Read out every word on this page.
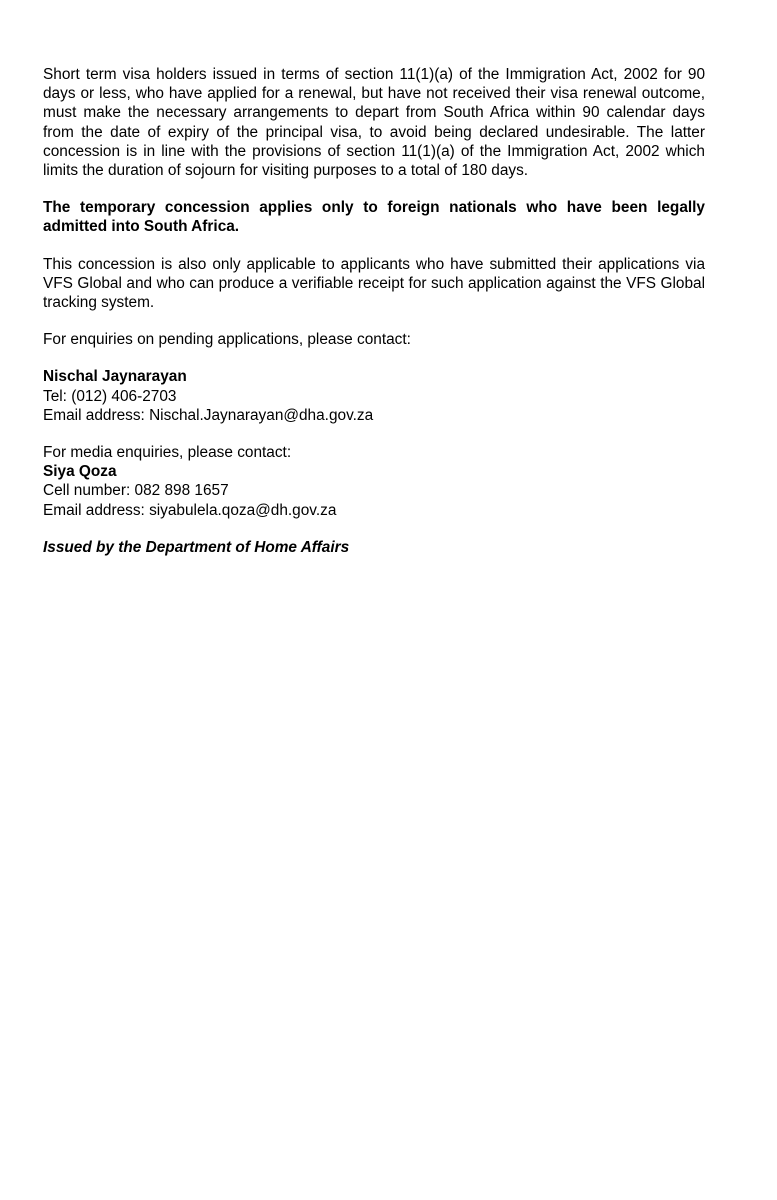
Short term visa holders issued in terms of section 11(1)(a) of the Immigration Act, 2002 for 90 days or less, who have applied for a renewal, but have not received their visa renewal outcome, must make the necessary arrangements to depart from South Africa within 90 calendar days from the date of expiry of the principal visa, to avoid being declared undesirable. The latter concession is in line with the provisions of section 11(1)(a) of the Immigration Act, 2002 which limits the duration of sojourn for visiting purposes to a total of 180 days.

The temporary concession applies only to foreign nationals who have been legally admitted into South Africa.

This concession is also only applicable to applicants who have submitted their applications via VFS Global and who can produce a verifiable receipt for such application against the VFS Global tracking system.

For enquiries on pending applications, please contact:

Nischal Jaynarayan
Tel: (012) 406-2703
Email address: Nischal.Jaynarayan@dha.gov.za
For media enquiries, please contact:
Siya Qoza
Cell number: 082 898 1657
Email address: siyabulela.qoza@dh.gov.za

Issued by the Department of Home Affairs
